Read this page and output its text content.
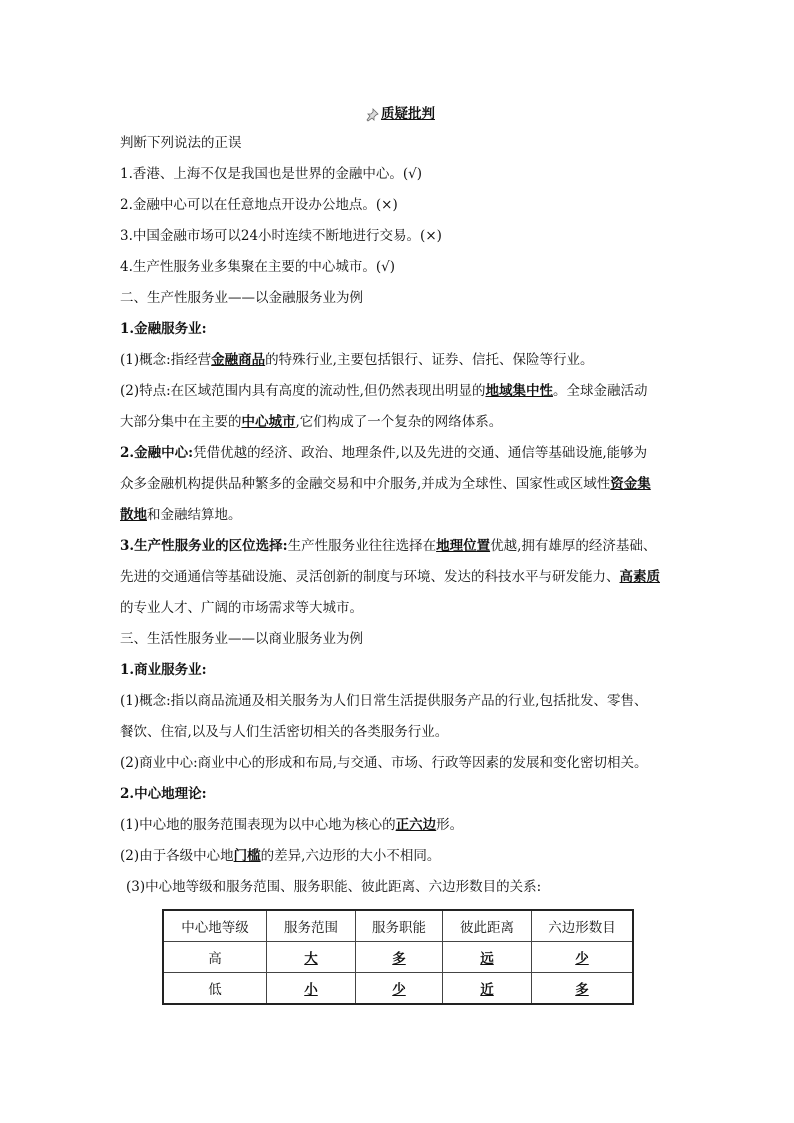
质疑批判
判断下列说法的正误
1.香港、上海不仅是我国也是世界的金融中心。(√)
2.金融中心可以在任意地点开设办公地点。(×)
3.中国金融市场可以24小时连续不断地进行交易。(×)
4.生产性服务业多集聚在主要的中心城市。(√)
二、生产性服务业——以金融服务业为例
1.金融服务业:
(1)概念:指经营金融商品的特殊行业,主要包括银行、证券、信托、保险等行业。
(2)特点:在区域范围内具有高度的流动性,但仍然表现出明显的地域集中性。全球金融活动
大部分集中在主要的中心城市,它们构成了一个复杂的网络体系。
2.金融中心:凭借优越的经济、政治、地理条件,以及先进的交通、通信等基础设施,能够为
众多金融机构提供品种繁多的金融交易和中介服务,并成为全球性、国家性或区域性资金集
散地和金融结算地。
3.生产性服务业的区位选择:生产性服务业往往选择在地理位置优越,拥有雄厚的经济基础、
先进的交通通信等基础设施、灵活创新的制度与环境、发达的科技水平与研发能力、高素质
的专业人才、广阔的市场需求等大城市。
三、生活性服务业——以商业服务业为例
1.商业服务业:
(1)概念:指以商品流通及相关服务为人们日常生活提供服务产品的行业,包括批发、零售、
餐饮、住宿,以及与人们生活密切相关的各类服务行业。
(2)商业中心:商业中心的形成和布局,与交通、市场、行政等因素的发展和变化密切相关。
2.中心地理论:
(1)中心地的服务范围表现为以中心地为核心的正六边形。
(2)由于各级中心地门槛的差异,六边形的大小不相同。
(3)中心地等级和服务范围、服务职能、彼此距离、六边形数目的关系:
中心地等级	服务范围	服务职能	彼此距离	六边形数目
高	大	多	远	少
低	小	少	近	多
